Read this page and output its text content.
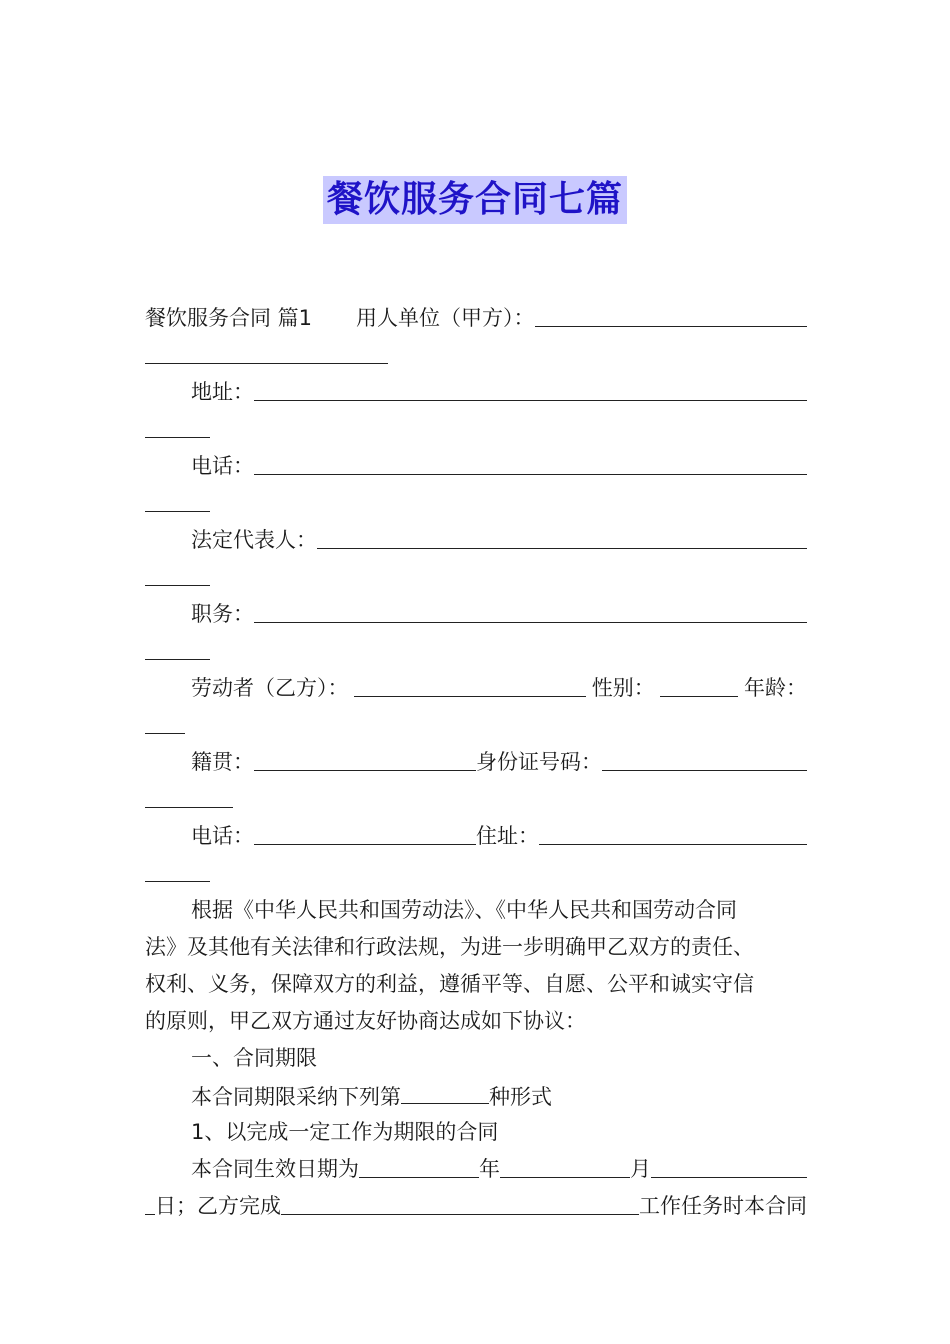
餐饮服务合同七篇
餐饮服务合同 篇1 用人单位（甲方）：
地址：
电话：
法定代表人：
职务：
劳动者（乙方）：	性别：	年龄：
籍贯：	身份证号码：
电话：	住址：
根据《中华人民共和国劳动法》、《中华人民共和国劳动合同
法》及其他有关法律和行政法规，为进一步明确甲乙双方的责任、
权利、义务，保障双方的利益，遵循平等、自愿、公平和诚实守信
的原则，甲乙双方通过友好协商达成如下协议：
一、合同期限
本合同期限采纳下列第	种形式
1、以完成一定工作为期限的合同
本合同生效日期为	年	月
日；乙方完成	工作任务时本合同
